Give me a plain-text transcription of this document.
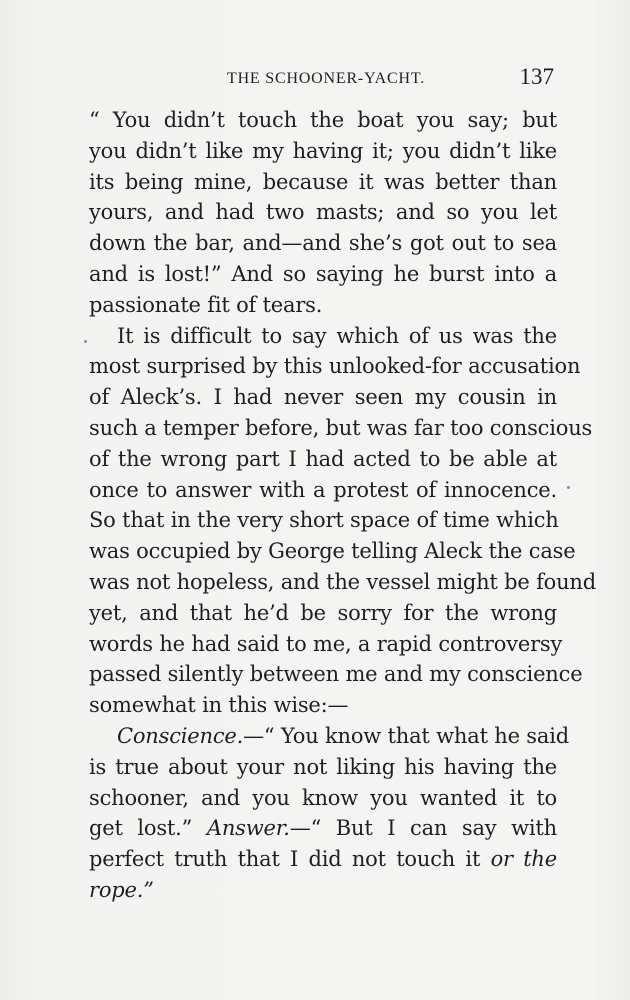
THE SCHOONER-YACHT.	137
“ You didn’t touch the boat you say; but
you didn’t like my having it; you didn’t like
its being mine, because it was better than
yours, and had two masts; and so you let
down the bar, and—and she’s got out to sea
and is lost!” And so saying he burst into a
passionate fit of tears.
It is difficult to say which of us was the
most surprised by this unlooked-for accusation
of Aleck’s. I had never seen my cousin in
such a temper before, but was far too conscious
of the wrong part I had acted to be able at
once to answer with a protest of innocence.
So that in the very short space of time which
was occupied by George telling Aleck the case
was not hopeless, and the vessel might be found
yet, and that he’d be sorry for the wrong
words he had said to me, a rapid controversy
passed silently between me and my conscience
somewhat in this wise:—
Conscience.—“ You know that what he said
is true about your not liking his having the
schooner, and you know you wanted it to
get lost.” Answer.—“ But I can say with
perfect truth that I did not touch it or the
rope.”
